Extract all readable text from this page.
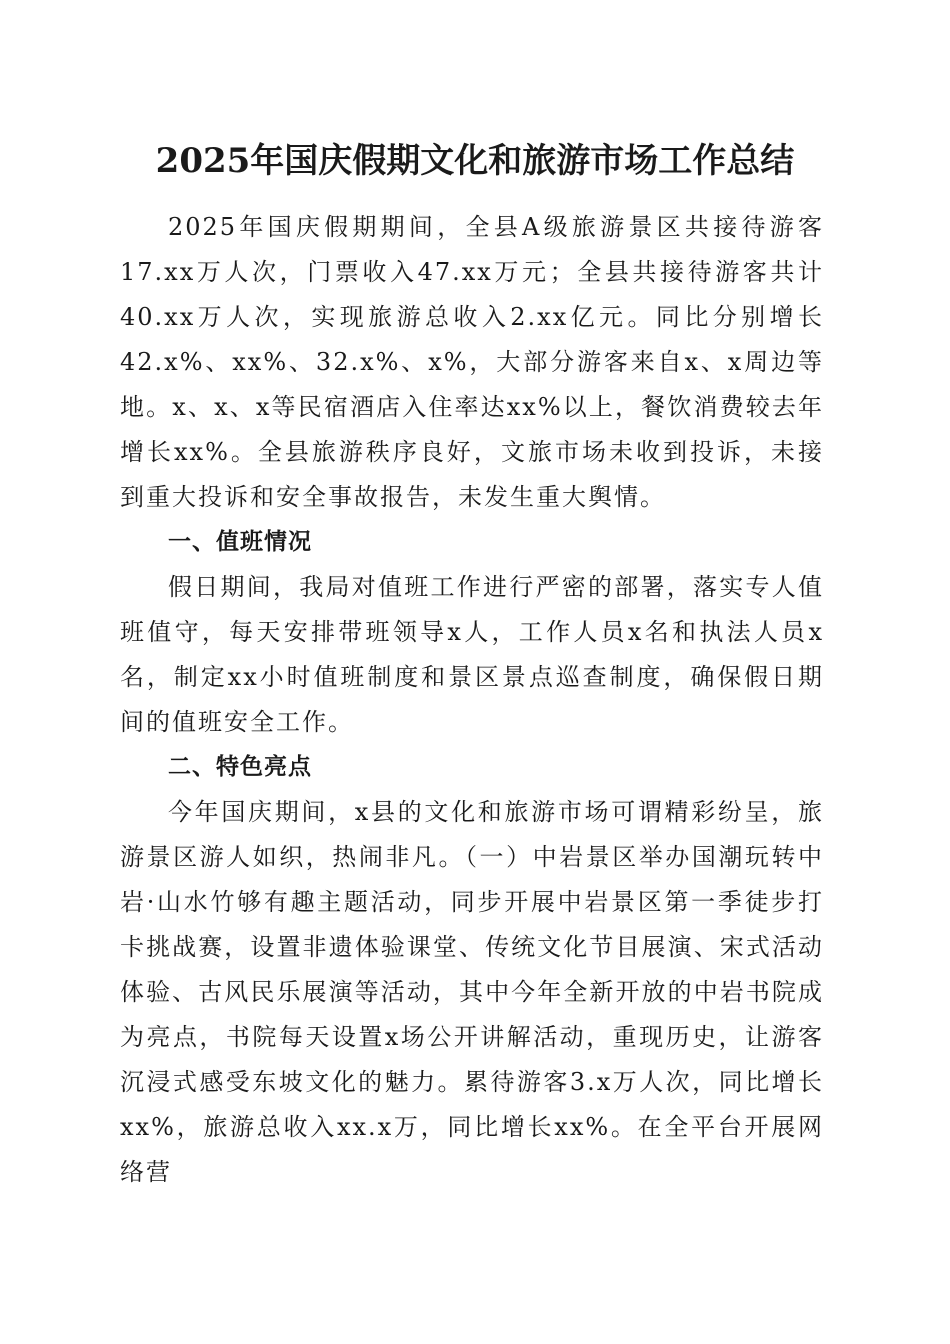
2025年国庆假期文化和旅游市场工作总结

2025年国庆假期期间，全县A级旅游景区共接待游客17.xx万人次，门票收入47.xx万元；全县共接待游客共计40.xx万人次，实现旅游总收入2.xx亿元。同比分别增长42.x%、xx%、32.x%、x%，大部分游客来自x、x周边等地。x、x、x等民宿酒店入住率达xx%以上，餐饮消费较去年增长xx%。全县旅游秩序良好，文旅市场未收到投诉，未接到重大投诉和安全事故报告，未发生重大舆情。

一、值班情况

假日期间，我局对值班工作进行严密的部署，落实专人值班值守，每天安排带班领导x人，工作人员x名和执法人员x名，制定xx小时值班制度和景区景点巡查制度，确保假日期间的值班安全工作。

二、特色亮点

今年国庆期间，x县的文化和旅游市场可谓精彩纷呈，旅游景区游人如织，热闹非凡。（一）中岩景区举办国潮玩转中岩·山水竹够有趣主题活动，同步开展中岩景区第一季徒步打卡挑战赛，设置非遗体验课堂、传统文化节目展演、宋式活动体验、古风民乐展演等活动，其中今年全新开放的中岩书院成为亮点，书院每天设置x场公开讲解活动，重现历史，让游客沉浸式感受东坡文化的魅力。累待游客3.x万人次，同比增长xx%，旅游总收入xx.x万，同比增长xx%。在全平台开展网络营
